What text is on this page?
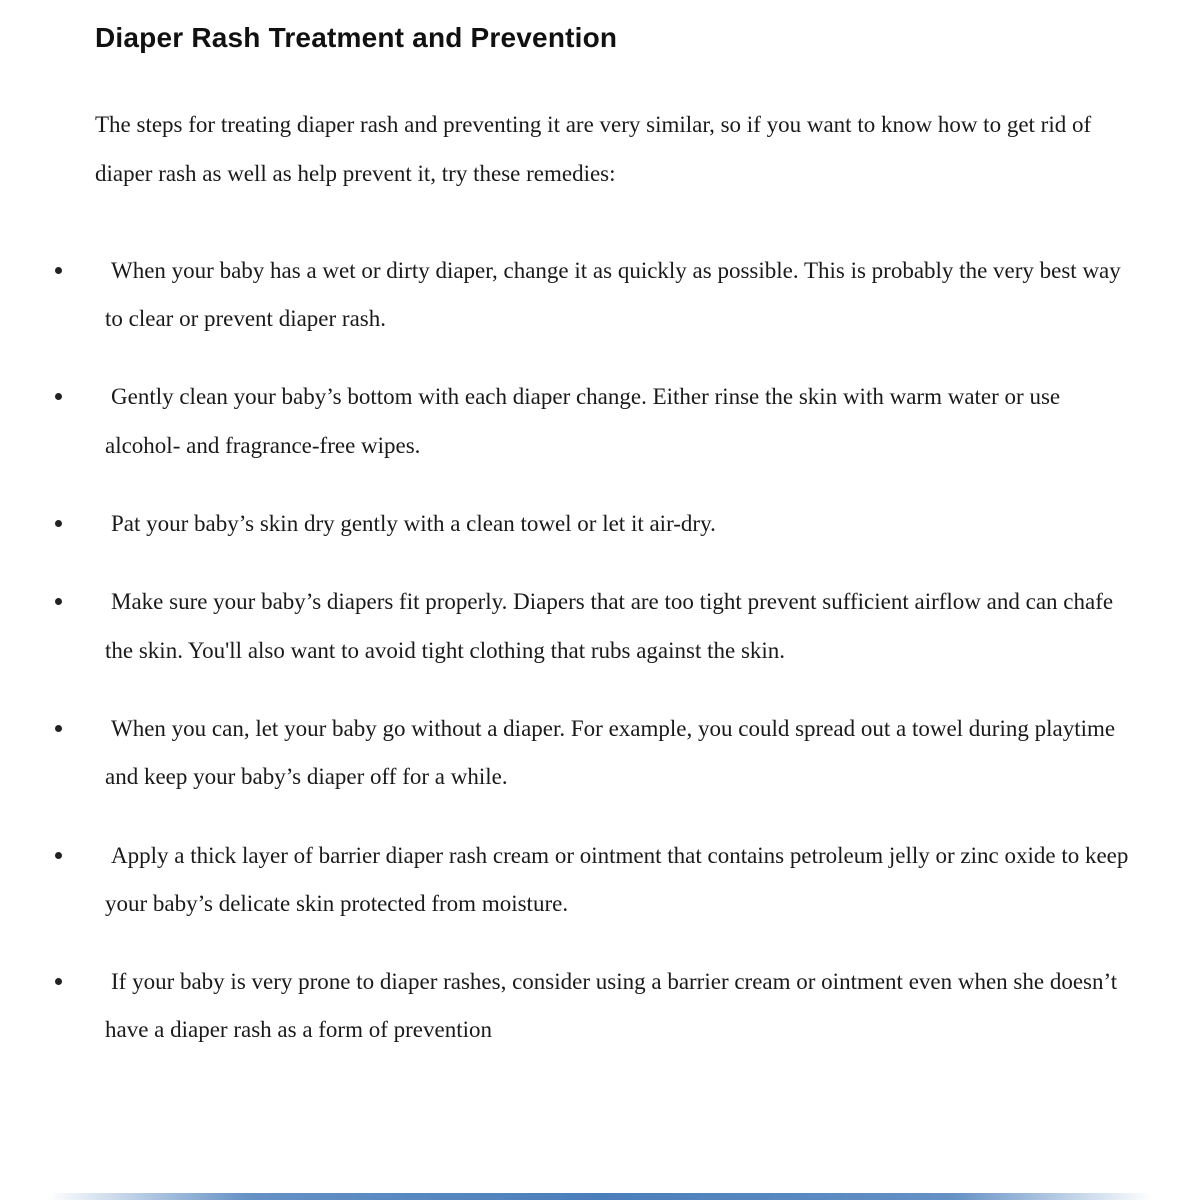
Diaper Rash Treatment and Prevention

The steps for treating diaper rash and preventing it are very similar, so if you want to know how to get rid of diaper rash as well as help prevent it, try these remedies:

When your baby has a wet or dirty diaper, change it as quickly as possible. This is probably the very best way to clear or prevent diaper rash.
Gently clean your baby’s bottom with each diaper change. Either rinse the skin with warm water or use alcohol- and fragrance-free wipes.
Pat your baby’s skin dry gently with a clean towel or let it air-dry.
Make sure your baby’s diapers fit properly. Diapers that are too tight prevent sufficient airflow and can chafe the skin. You'll also want to avoid tight clothing that rubs against the skin.
When you can, let your baby go without a diaper. For example, you could spread out a towel during playtime and keep your baby’s diaper off for a while.
Apply a thick layer of barrier diaper rash cream or ointment that contains petroleum jelly or zinc oxide to keep your baby’s delicate skin protected from moisture.
If your baby is very prone to diaper rashes, consider using a barrier cream or ointment even when she doesn’t have a diaper rash as a form of prevention
